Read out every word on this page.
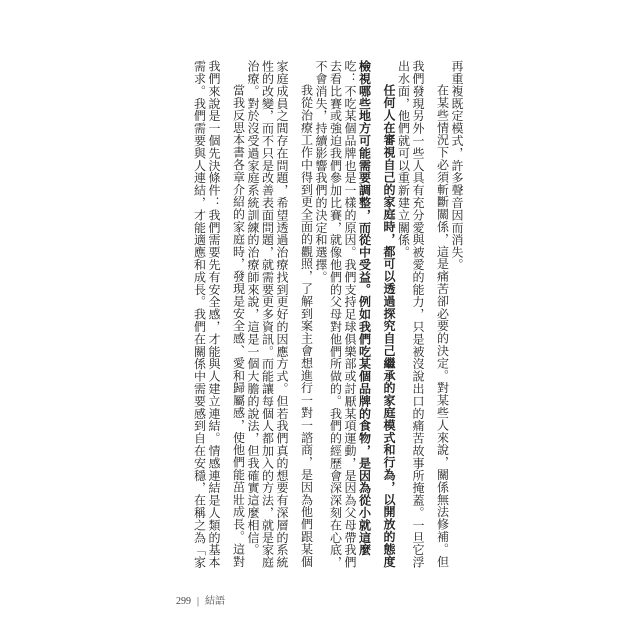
再重複既定模式，許多聲音因而消失。
在某些情況下必須斬斷關係，這是痛苦卻必要的決定。對某些人來說，關係無法修補。但
我們發現另外一些人具有充分愛與被愛的能力，只是被沒說出口的痛苦故事所掩蓋。一旦它浮
出水面，他們就可以重新建立關係。
任何人在審視自己的家庭時，都可以透過探究自己繼承的家庭模式和行為，以開放的態度
檢視哪些地方可能需要調整，而從中受益。例如我們吃某個品牌的食物，是因為從小就這麼
吃：不吃某個品牌也是一樣的原因。我們支持足球俱樂部或討厭某項運動，是因為父母帶我們
去看比賽或強迫我們參加比賽，就像他們的父母對他們所做的。我們的經歷會深深刻在心底，
不會消失，持續影響我們的決定和選擇。
我從治療工作中得到更全面的觀照，了解到案主會想進行一對一諮商，是因為他們跟某個
家庭成員之間存在問題，希望透過治療找到更好的因應方式。但若我們真的想要有深層的系統
性的改變，而不只是改善表面問題，就需要更多資訊。而能讓每個人都加入的方法，就是家庭
治療。對於沒受過家庭系統訓練的治療師來說，這是一個大膽的說法，但我確實這麼相信。
當我反思本書各章介紹的家庭時，發現是安全感、愛和歸屬感，使他們能茁壯成長。這對
我們來說是一個先決條件：我們需要先有安全感，才能與人建立連結。情感連結是人類的基本
需求。我們需要與人連結，才能適應和成長。我們在關係中需要感到自在安穩，在稱之為「家
299 | 結語
